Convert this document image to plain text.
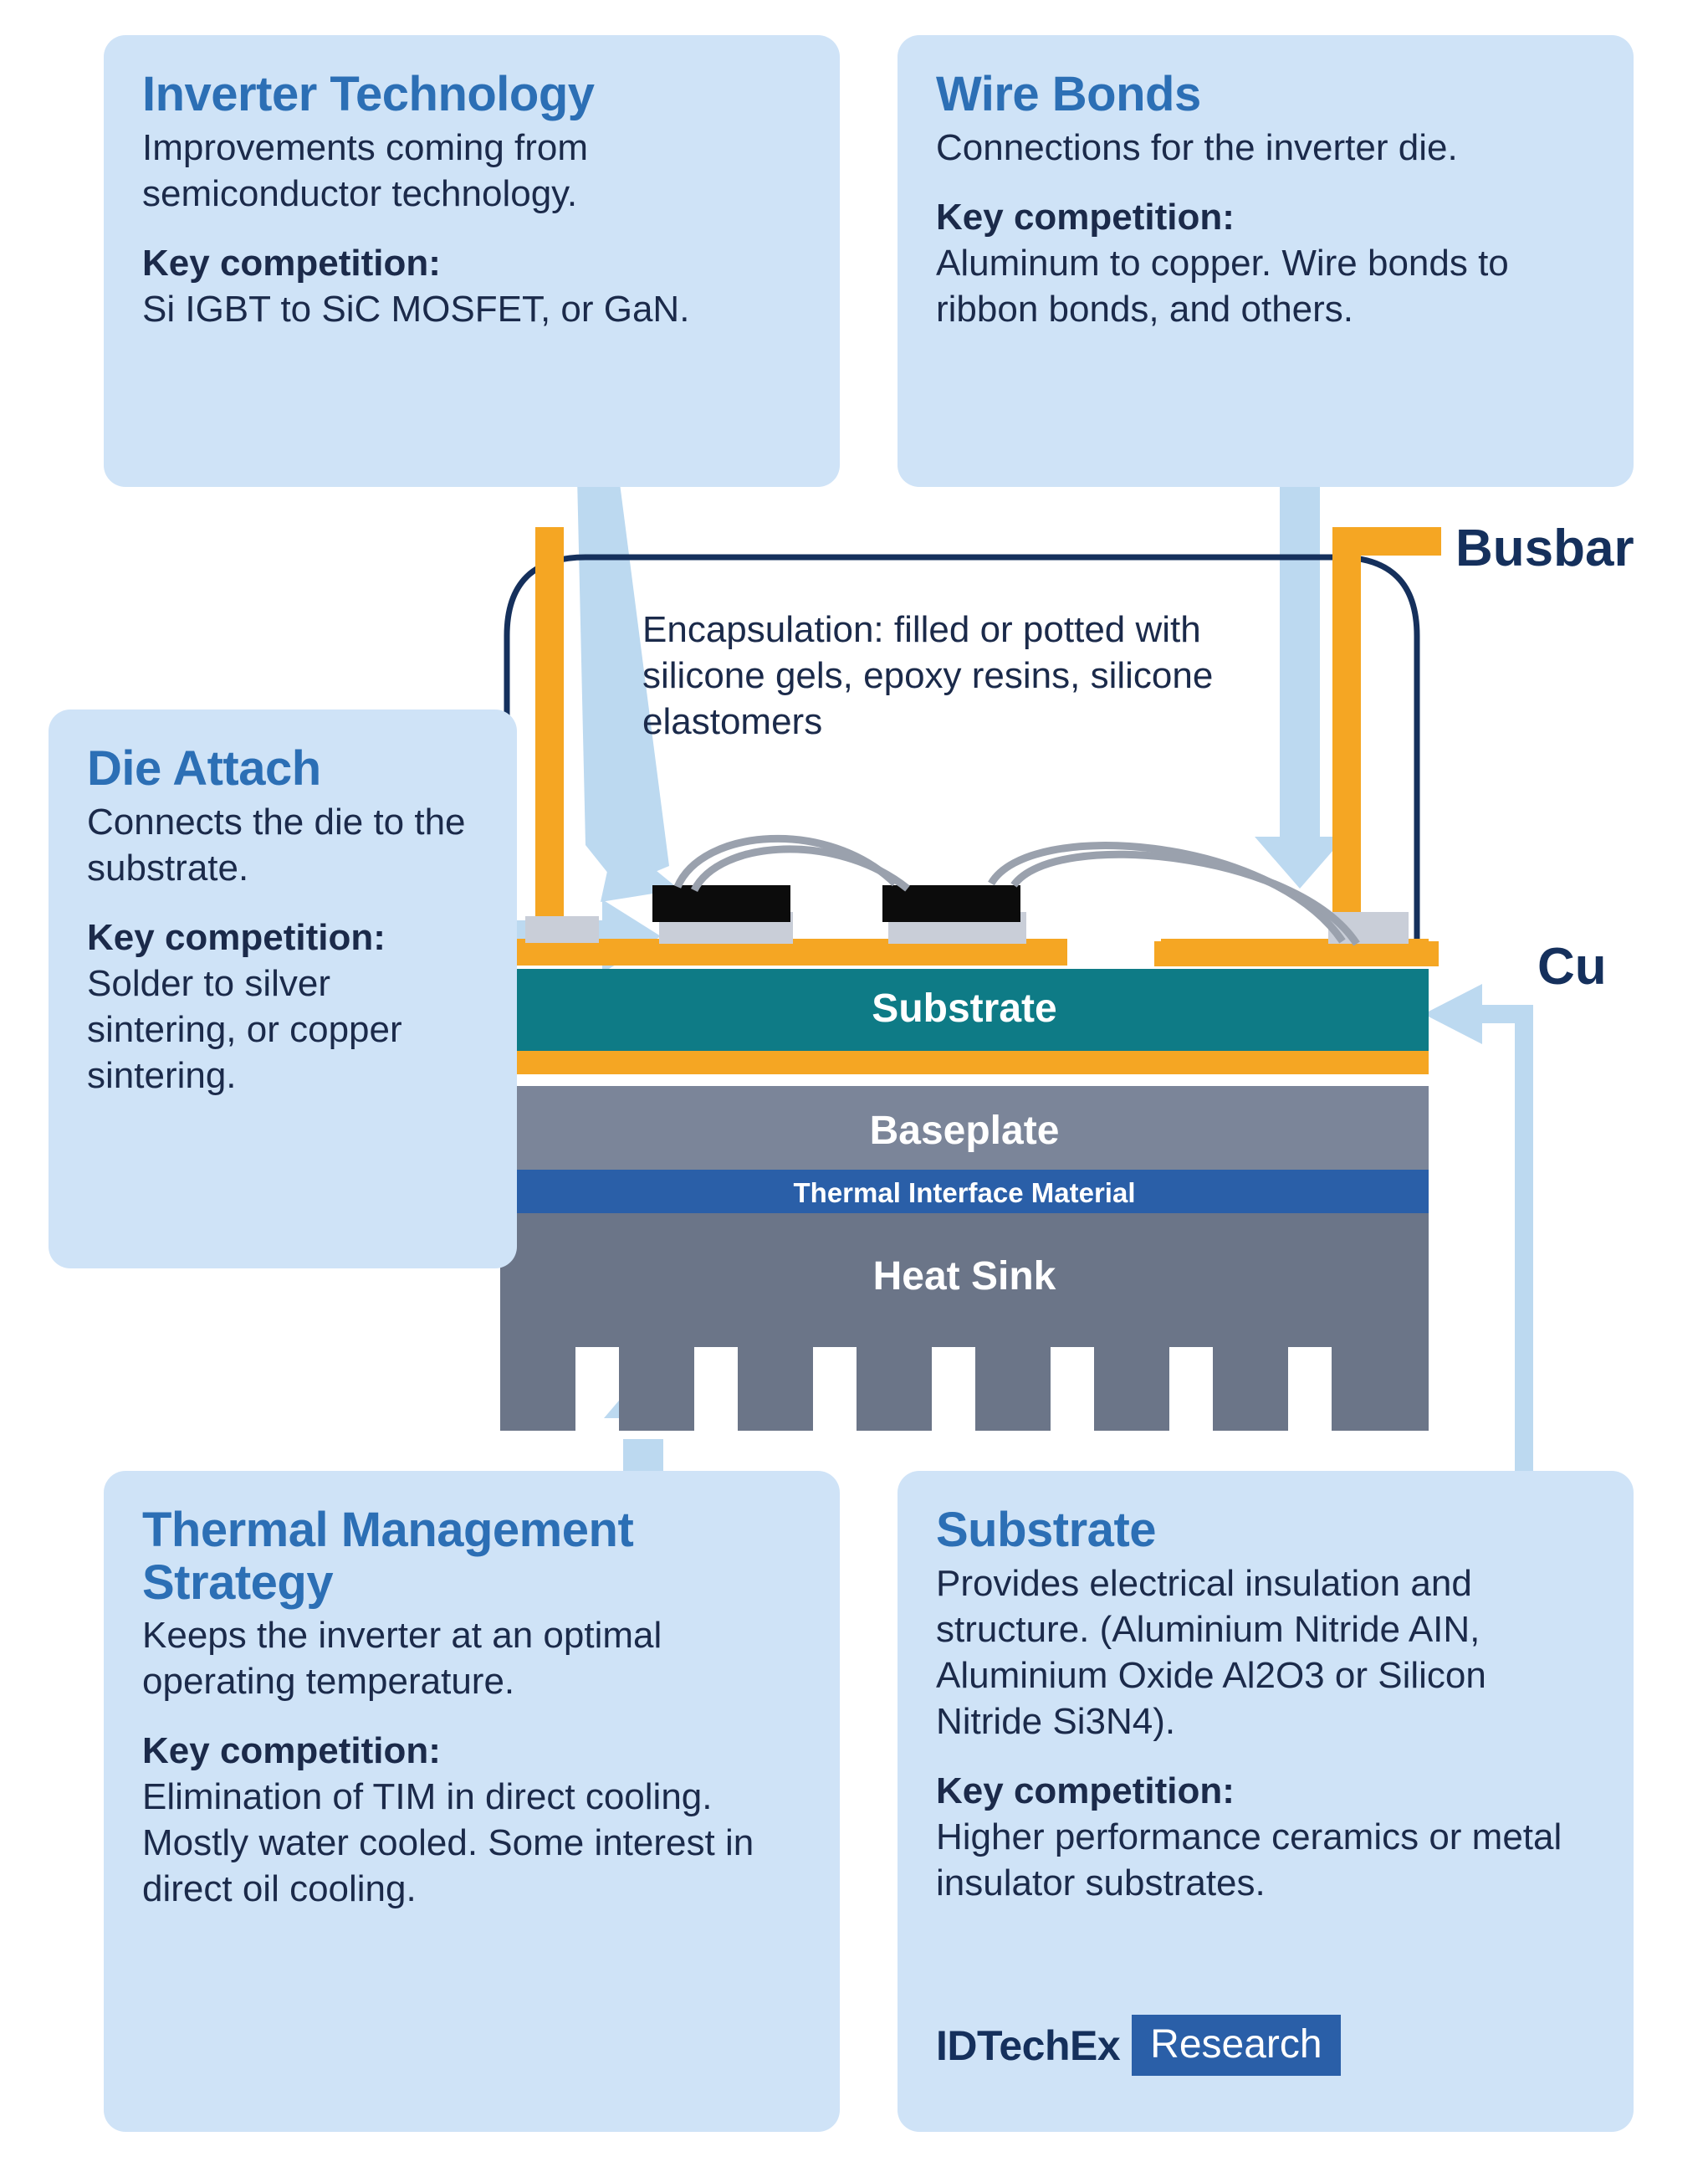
Busbar
Cu
Encapsulation: filled or potted with silicone gels, epoxy resins, silicone elastomers
Substrate
Baseplate
Thermal Interface Material
Heat Sink
Inverter Technology

Improvements coming from semiconductor technology.

Key competition:

Si IGBT to SiC MOSFET, or GaN.

Wire Bonds

Connections for the inverter die.

Key competition:

Aluminum to copper. Wire bonds to ribbon bonds, and others.

Die Attach

Connects the die to the substrate.

Key competition:

Solder to silver sintering, or copper sintering.

Thermal Management Strategy

Keeps the inverter at an optimal operating temperature.

Key competition:

Elimination of TIM in direct cooling.

Mostly water cooled. Some interest in direct oil cooling.

Substrate

Provides electrical insulation and structure. (Aluminium Nitride AIN, Aluminium Oxide Al2O3 or Silicon Nitride Si3N4).

Key competition:

Higher performance ceramics or metal insulator substrates.

IDTechEx Research
